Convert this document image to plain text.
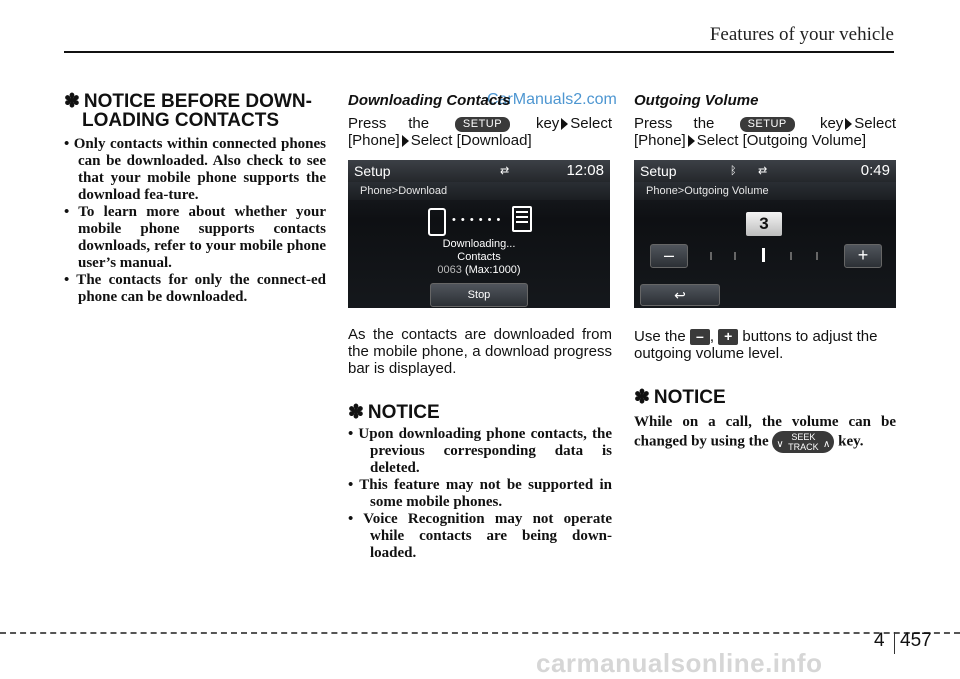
Features of your vehicle
CarManuals2.com

✽ NOTICE BEFORE DOWN-
LOADING CONTACTS

• Only contacts within connected phones can be downloaded. Also check to see that your mobile phone supports the download fea-ture.
• To learn more about whether your mobile phone supports contacts downloads, refer to your mobile phone user’s manual.
• The contacts for only the connect-ed phone can be downloaded.

Downloading Contacts

Press the	SETUP key Select

[Phone] Select [Download]

Setup	⇄	12:08
Phone>Download
• • • • • •
Downloading...
Contacts
0063 (Max:1000)
Stop

As the contacts are downloaded from the mobile phone, a download progress bar is displayed.

✽ NOTICE

• Upon downloading phone contacts, the previous corresponding data is deleted.
• This feature may not be supported in some mobile phones.
• Voice Recognition may not operate while contacts are being down-loaded.

Outgoing Volume

Press the	SETUP key Select

[Phone] Select [Outgoing Volume]

Setup	ᛒ ⇄	0:49
Phone>Outgoing Volume
3
–	+
↩

Use the – , + buttons to adjust the outgoing volume level.

✽ NOTICE

While on a call, the volume can be changed by using the ∨
SEEK
TRACK ∧ key.

4 457
carmanualsonline.info
